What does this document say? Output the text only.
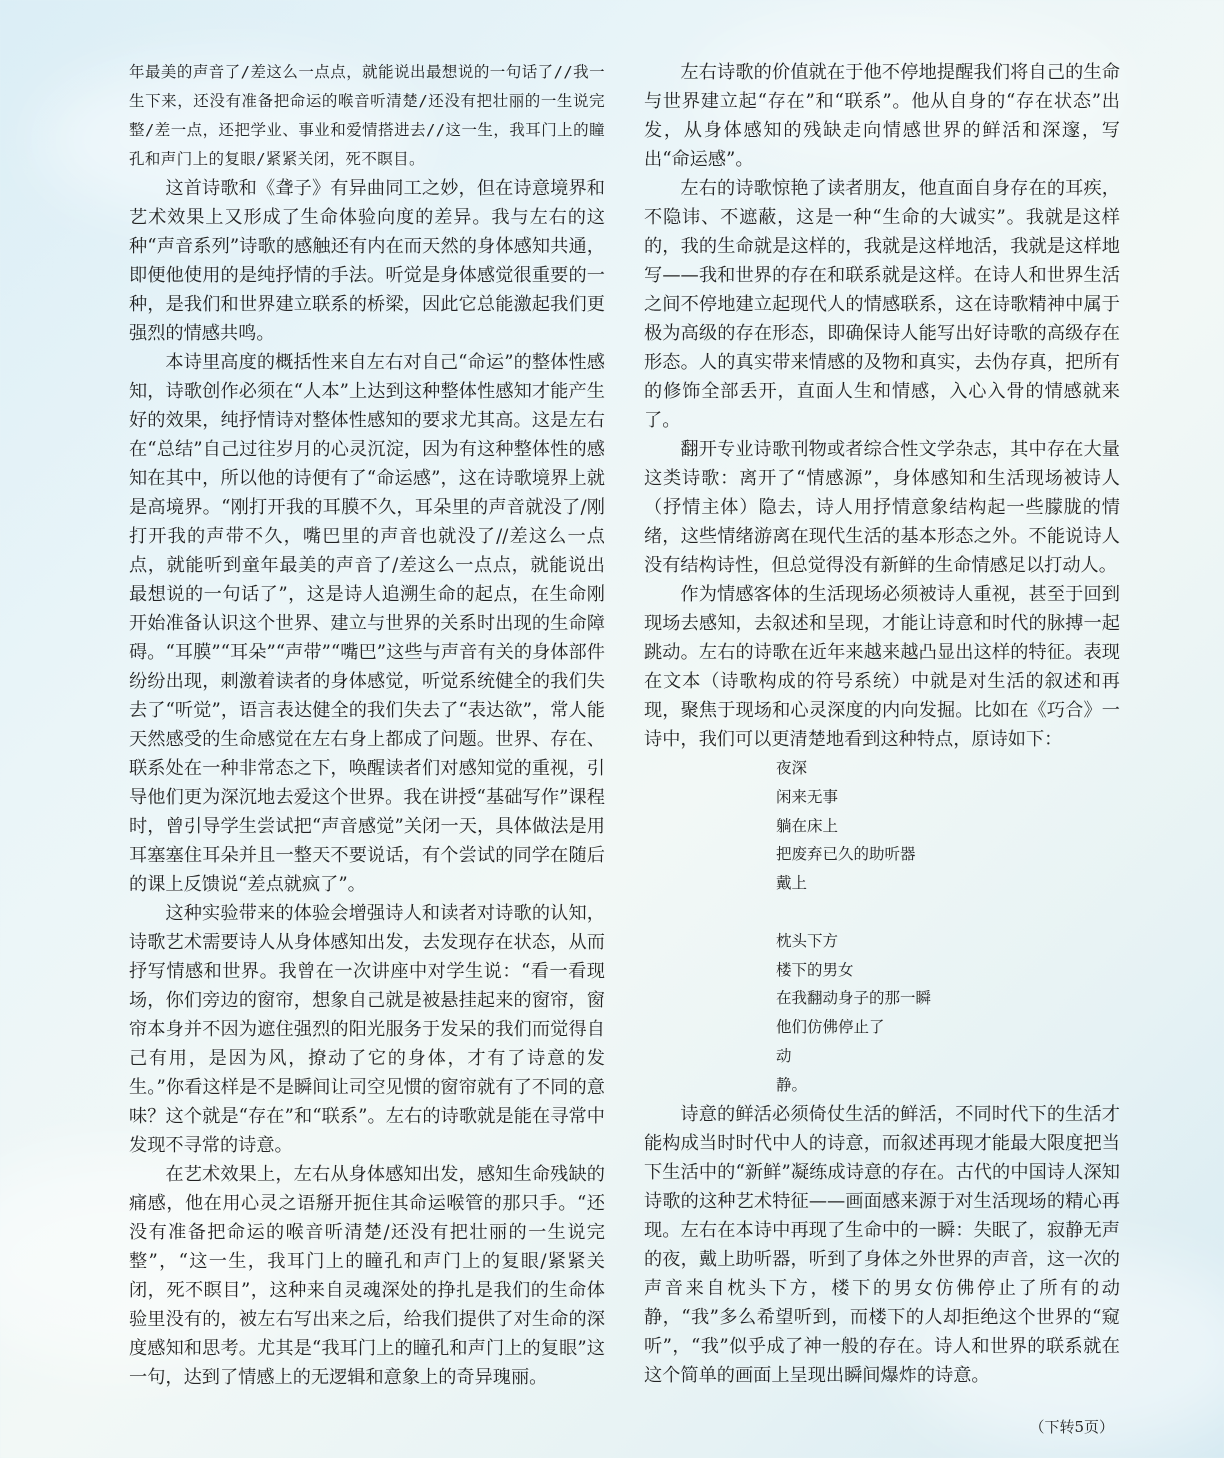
年最美的声音了/差这么一点点，就能说出最想说的一句话了//我一生下来，还没有准备把命运的喉音听清楚/还没有把壮丽的一生说完整/差一点，还把学业、事业和爱情搭进去//这一生，我耳门上的瞳孔和声门上的复眼/紧紧关闭，死不瞑目。

这首诗歌和《聋子》有异曲同工之妙，但在诗意境界和艺术效果上又形成了生命体验向度的差异。我与左右的这种“声音系列”诗歌的感触还有内在而天然的身体感知共通，即便他使用的是纯抒情的手法。听觉是身体感觉很重要的一种，是我们和世界建立联系的桥梁，因此它总能激起我们更强烈的情感共鸣。

本诗里高度的概括性来自左右对自己“命运”的整体性感知，诗歌创作必须在“人本”上达到这种整体性感知才能产生好的效果，纯抒情诗对整体性感知的要求尤其高。这是左右在“总结”自己过往岁月的心灵沉淀，因为有这种整体性的感知在其中，所以他的诗便有了“命运感”，这在诗歌境界上就是高境界。“刚打开我的耳膜不久，耳朵里的声音就没了/刚打开我的声带不久，嘴巴里的声音也就没了//差这么一点点，就能听到童年最美的声音了/差这么一点点，就能说出最想说的一句话了”，这是诗人追溯生命的起点，在生命刚开始准备认识这个世界、建立与世界的关系时出现的生命障碍。“耳膜”“耳朵”“声带”“嘴巴”这些与声音有关的身体部件纷纷出现，刺激着读者的身体感觉，听觉系统健全的我们失去了“听觉”，语言表达健全的我们失去了“表达欲”，常人能天然感受的生命感觉在左右身上都成了问题。世界、存在、联系处在一种非常态之下，唤醒读者们对感知觉的重视，引导他们更为深沉地去爱这个世界。我在讲授“基础写作”课程时，曾引导学生尝试把“声音感觉”关闭一天，具体做法是用耳塞塞住耳朵并且一整天不要说话，有个尝试的同学在随后的课上反馈说“差点就疯了”。

这种实验带来的体验会增强诗人和读者对诗歌的认知，诗歌艺术需要诗人从身体感知出发，去发现存在状态，从而抒写情感和世界。我曾在一次讲座中对学生说：“看一看现场，你们旁边的窗帘，想象自己就是被悬挂起来的窗帘，窗帘本身并不因为遮住强烈的阳光服务于发呆的我们而觉得自己有用，是因为风，撩动了它的身体，才有了诗意的发生。”你看这样是不是瞬间让司空见惯的窗帘就有了不同的意味？这个就是“存在”和“联系”。左右的诗歌就是能在寻常中发现不寻常的诗意。

在艺术效果上，左右从身体感知出发，感知生命残缺的痛感，他在用心灵之语掰开扼住其命运喉管的那只手。“还没有准备把命运的喉音听清楚/还没有把壮丽的一生说完整”，“这一生，我耳门上的瞳孔和声门上的复眼/紧紧关闭，死不瞑目”，这种来自灵魂深处的挣扎是我们的生命体验里没有的，被左右写出来之后，给我们提供了对生命的深度感知和思考。尤其是“我耳门上的瞳孔和声门上的复眼”这一句，达到了情感上的无逻辑和意象上的奇异瑰丽。

左右诗歌的价值就在于他不停地提醒我们将自己的生命与世界建立起“存在”和“联系”。他从自身的“存在状态”出发，从身体感知的残缺走向情感世界的鲜活和深邃，写出“命运感”。

左右的诗歌惊艳了读者朋友，他直面自身存在的耳疾，不隐讳、不遮蔽，这是一种“生命的大诚实”。我就是这样的，我的生命就是这样的，我就是这样地活，我就是这样地写——我和世界的存在和联系就是这样。在诗人和世界生活之间不停地建立起现代人的情感联系，这在诗歌精神中属于极为高级的存在形态，即确保诗人能写出好诗歌的高级存在形态。人的真实带来情感的及物和真实，去伪存真，把所有的修饰全部丢开，直面人生和情感，入心入骨的情感就来了。

翻开专业诗歌刊物或者综合性文学杂志，其中存在大量这类诗歌：离开了“情感源”，身体感知和生活现场被诗人（抒情主体）隐去，诗人用抒情意象结构起一些朦胧的情绪，这些情绪游离在现代生活的基本形态之外。不能说诗人没有结构诗性，但总觉得没有新鲜的生命情感足以打动人。

作为情感客体的生活现场必须被诗人重视，甚至于回到现场去感知，去叙述和呈现，才能让诗意和时代的脉搏一起跳动。左右的诗歌在近年来越来越凸显出这样的特征。表现在文本（诗歌构成的符号系统）中就是对生活的叙述和再现，聚焦于现场和心灵深度的内向发掘。比如在《巧合》一诗中，我们可以更清楚地看到这种特点，原诗如下：

夜深
闲来无事
躺在床上
把废弃已久的助听器
戴上
枕头下方
楼下的男女
在我翻动身子的那一瞬
他们仿佛停止了
动
静。

诗意的鲜活必须倚仗生活的鲜活，不同时代下的生活才能构成当时时代中人的诗意，而叙述再现才能最大限度把当下生活中的“新鲜”凝练成诗意的存在。古代的中国诗人深知诗歌的这种艺术特征——画面感来源于对生活现场的精心再现。左右在本诗中再现了生命中的一瞬：失眠了，寂静无声的夜，戴上助听器，听到了身体之外世界的声音，这一次的声音来自枕头下方，楼下的男女仿佛停止了所有的动静，“我”多么希望听到，而楼下的人却拒绝这个世界的“窥听”，“我”似乎成了神一般的存在。诗人和世界的联系就在这个简单的画面上呈现出瞬间爆炸的诗意。

（下转5页）
